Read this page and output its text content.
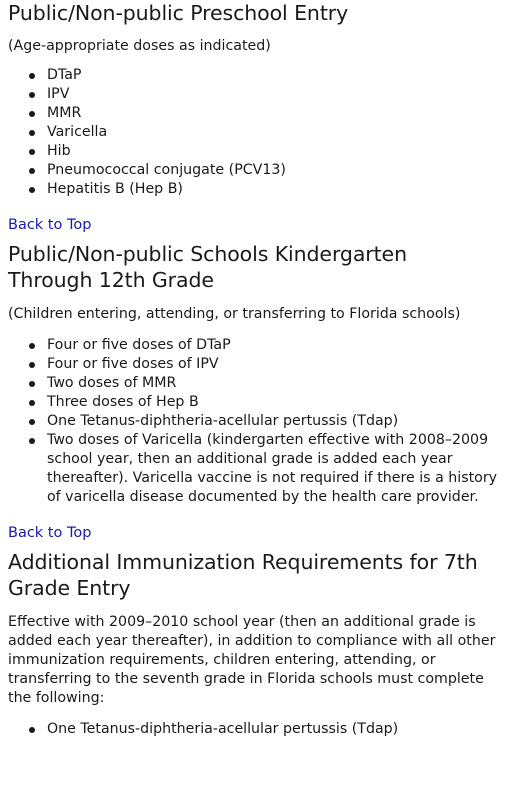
Public/Non-public Preschool Entry

(Age-appropriate doses as indicated)

DTaP
IPV
MMR
Varicella
Hib
Pneumococcal conjugate (PCV13)
Hepatitis B (Hep B)
Back to Top
Public/Non-public Schools Kindergarten
Through 12th Grade

(Children entering, attending, or transferring to Florida schools)

Four or five doses of DTaP
Four or five doses of IPV
Two doses of MMR
Three doses of Hep B
One Tetanus-diphtheria-acellular pertussis (Tdap)
Two doses of Varicella (kindergarten effective with 2008–2009 school year, then an additional grade is added each year thereafter). Varicella vaccine is not required if there is a history of varicella disease documented by the health care provider.
Back to Top
Additional Immunization Requirements for 7th
Grade Entry

Effective with 2009–2010 school year (then an additional grade is added each year thereafter), in addition to compliance with all other immunization requirements, children entering, attending, or transferring to the seventh grade in Florida schools must complete the following:

One Tetanus-diphtheria-acellular pertussis (Tdap)
